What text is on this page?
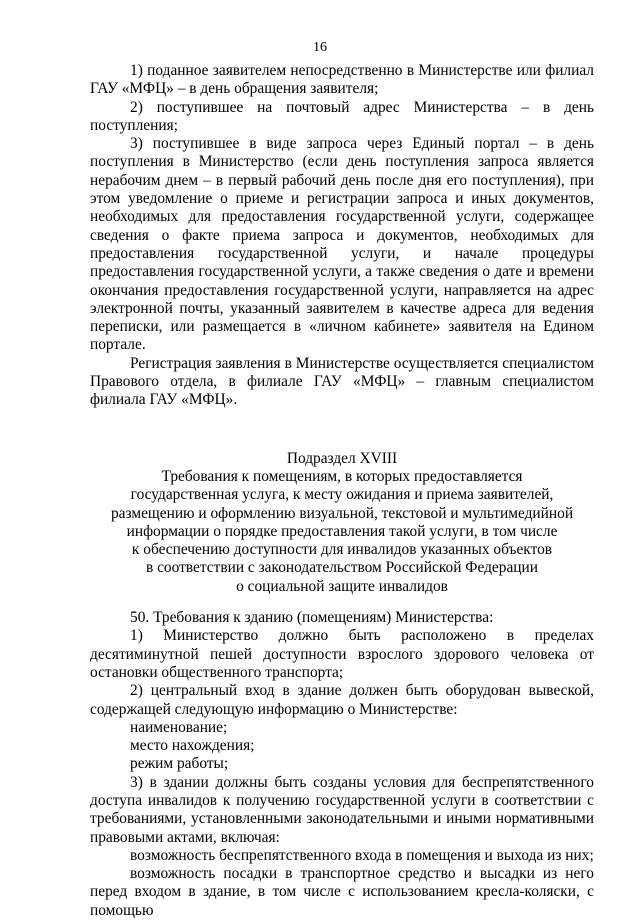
16

1) поданное заявителем непосредственно в Министерстве или филиал ГАУ «МФЦ» – в день обращения заявителя;

2) поступившее на почтовый адрес Министерства – в день поступления;

3) поступившее в виде запроса через Единый портал – в день поступления в Министерство (если день поступления запроса является нерабочим днем – в первый рабочий день после дня его поступления), при этом уведомление о приеме и регистрации запроса и иных документов, необходимых для предоставления государственной услуги, содержащее сведения о факте приема запроса и документов, необходимых для предоставления государственной услуги, и начале процедуры предоставления государственной услуги, а также сведения о дате и времени окончания предоставления государственной услуги, направляется на адрес электронной почты, указанный заявителем в качестве адреса для ведения переписки, или размещается в «личном кабинете» заявителя на Едином портале.

Регистрация заявления в Министерстве осуществляется специалистом Правового отдела, в филиале ГАУ «МФЦ» – главным специалистом филиала ГАУ «МФЦ».

Подраздел XVIII
Требования к помещениям, в которых предоставляется
государственная услуга, к месту ожидания и приема заявителей,
размещению и оформлению визуальной, текстовой и мультимедийной
информации о порядке предоставления такой услуги, в том числе
к обеспечению доступности для инвалидов указанных объектов
в соответствии с законодательством Российской Федерации
о социальной защите инвалидов

50. Требования к зданию (помещениям) Министерства:

1) Министерство должно быть расположено в пределах десятиминутной пешей доступности взрослого здорового человека от остановки общественного транспорта;

2) центральный вход в здание должен быть оборудован вывеской, содержащей следующую информацию о Министерстве:

наименование;

место нахождения;

режим работы;

3) в здании должны быть созданы условия для беспрепятственного доступа инвалидов к получению государственной услуги в соответствии с требованиями, установленными законодательными и иными нормативными правовыми актами, включая:

возможность беспрепятственного входа в помещения и выхода из них;

возможность посадки в транспортное средство и высадки из него перед входом в здание, в том числе с использованием кресла-коляски, с помощью
